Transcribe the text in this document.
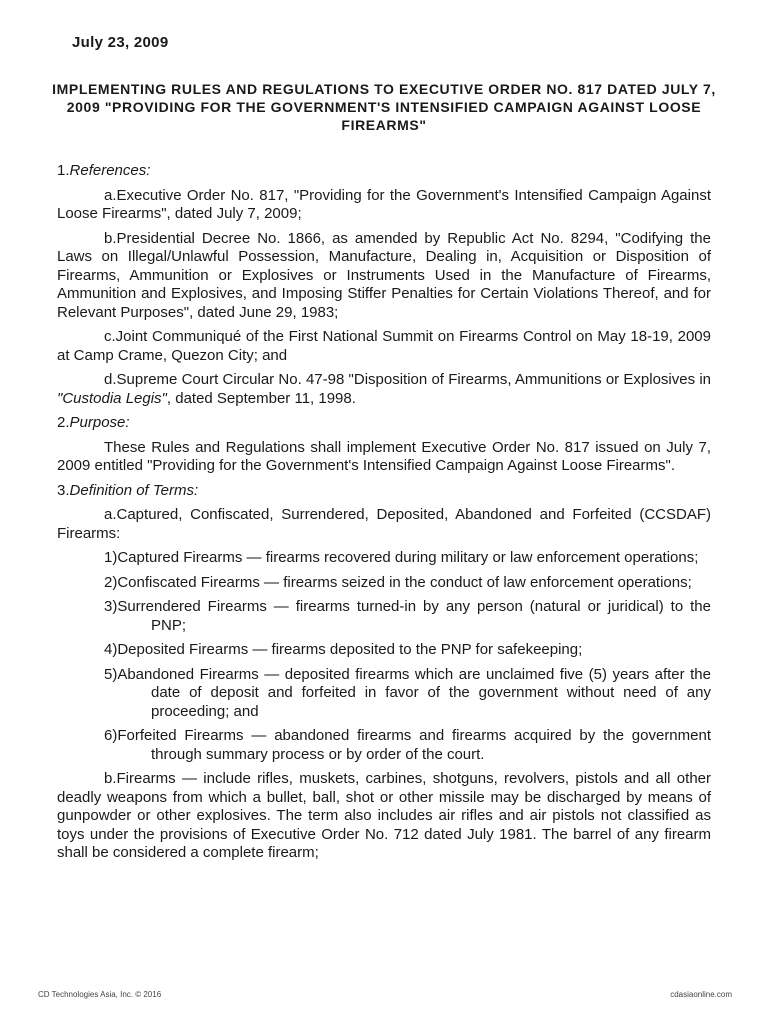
July 23, 2009
IMPLEMENTING RULES AND REGULATIONS TO EXECUTIVE ORDER NO. 817 DATED JULY 7, 2009 "PROVIDING FOR THE GOVERNMENT'S INTENSIFIED CAMPAIGN AGAINST LOOSE FIREARMS"

1.References:

a.Executive Order No. 817, "Providing for the Government's Intensified Campaign Against Loose Firearms", dated July 7, 2009;

b.Presidential Decree No. 1866, as amended by Republic Act No. 8294, "Codifying the Laws on Illegal/Unlawful Possession, Manufacture, Dealing in, Acquisition or Disposition of Firearms, Ammunition or Explosives or Instruments Used in the Manufacture of Firearms, Ammunition and Explosives, and Imposing Stiffer Penalties for Certain Violations Thereof, and for Relevant Purposes", dated June 29, 1983;

c.Joint Communiqué of the First National Summit on Firearms Control on May 18-19, 2009 at Camp Crame, Quezon City; and

d.Supreme Court Circular No. 47-98 "Disposition of Firearms, Ammunitions or Explosives in "Custodia Legis", dated September 11, 1998.

2.Purpose:

These Rules and Regulations shall implement Executive Order No. 817 issued on July 7, 2009 entitled "Providing for the Government's Intensified Campaign Against Loose Firearms".

3.Definition of Terms:

a.Captured, Confiscated, Surrendered, Deposited, Abandoned and Forfeited (CCSDAF) Firearms:

1)Captured Firearms — firearms recovered during military or law enforcement operations;

2)Confiscated Firearms — firearms seized in the conduct of law enforcement operations;

3)Surrendered Firearms — firearms turned-in by any person (natural or juridical) to the PNP;

4)Deposited Firearms — firearms deposited to the PNP for safekeeping;

5)Abandoned Firearms — deposited firearms which are unclaimed five (5) years after the date of deposit and forfeited in favor of the government without need of any proceeding; and

6)Forfeited Firearms — abandoned firearms and firearms acquired by the government through summary process or by order of the court.

b.Firearms — include rifles, muskets, carbines, shotguns, revolvers, pistols and all other deadly weapons from which a bullet, ball, shot or other missile may be discharged by means of gunpowder or other explosives. The term also includes air rifles and air pistols not classified as toys under the provisions of Executive Order No. 712 dated July 1981. The barrel of any firearm shall be considered a complete firearm;

CD Technologies Asia, Inc. © 2016	cdasiaonline.com
